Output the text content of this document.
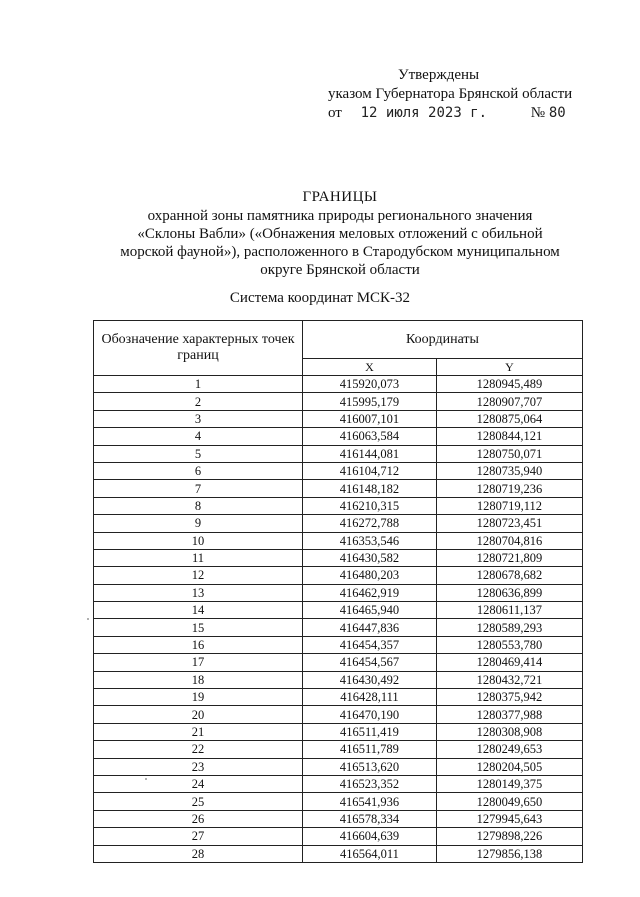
Утверждены
указом Губернатора Брянской области
от 12 июля 2023 г.	№ 80
ГРАНИЦЫ
охранной зоны памятника природы регионального значения
«Склоны Вабли» («Обнажения меловых отложений с обильной
морской фауной»), расположенного в Стародубском муниципальном
округе Брянской области
Система координат МСК-32
Обозначение характерных точек границ	Координаты	
	X	Y
1	415920,073	1280945,489
2	415995,179	1280907,707
3	416007,101	1280875,064
4	416063,584	1280844,121
5	416144,081	1280750,071
6	416104,712	1280735,940
7	416148,182	1280719,236
8	416210,315	1280719,112
9	416272,788	1280723,451
10	416353,546	1280704,816
11	416430,582	1280721,809
12	416480,203	1280678,682
13	416462,919	1280636,899
14	416465,940	1280611,137
15	416447,836	1280589,293
16	416454,357	1280553,780
17	416454,567	1280469,414
18	416430,492	1280432,721
19	416428,111	1280375,942
20	416470,190	1280377,988
21	416511,419	1280308,908
22	416511,789	1280249,653
23	416513,620	1280204,505
24	416523,352	1280149,375
25	416541,936	1280049,650
26	416578,334	1279945,643
27	416604,639	1279898,226
28	416564,011	1279856,138
